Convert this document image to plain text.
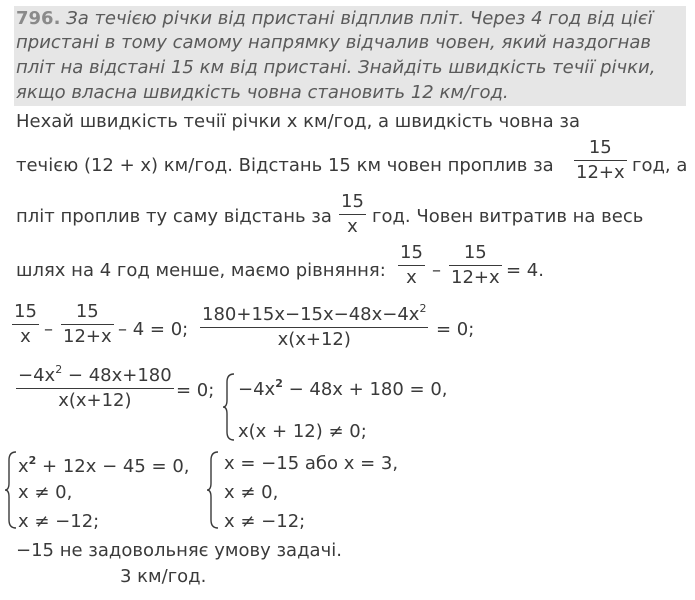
796. За течією річки від пристані відплив пліт. Через 4 год від цієї
пристані в тому самому напрямку відчалив човен, який наздогнав
пліт на відстані 15 км від пристані. Знайдіть швидкість течії річки,
якщо власна швидкість човна становить 12 км/год.
Нехай швидкість течії річки x км/год, а швидкість човна за
течією (12 + x) км/год. Відстань 15 км човен проплив за
15
12+x год, а
пліт проплив ту саму відстань за
15
x год. Човен витратив на весь
шлях на 4 год менше, маємо рівняння:
15
x –
15
12+x = 4.
15
x –
15
12+x – 4 = 0;
$180+15x-15x-48x-4x^2$
x(x+12)	= 0;
$-4x^2 - 48x+180$
x(x+12)	= 0; $-4x^2 - 48x + 180 = 0$,
x(x + 12) ≠ 0;
$x^2 + 12x - 45 = 0$,
x ≠ 0,
x ≠ −12;
x = −15 або x = 3,
x ≠ 0,
x ≠ −12;
−15 не задовольняє умову задачі.
3 км/год.
